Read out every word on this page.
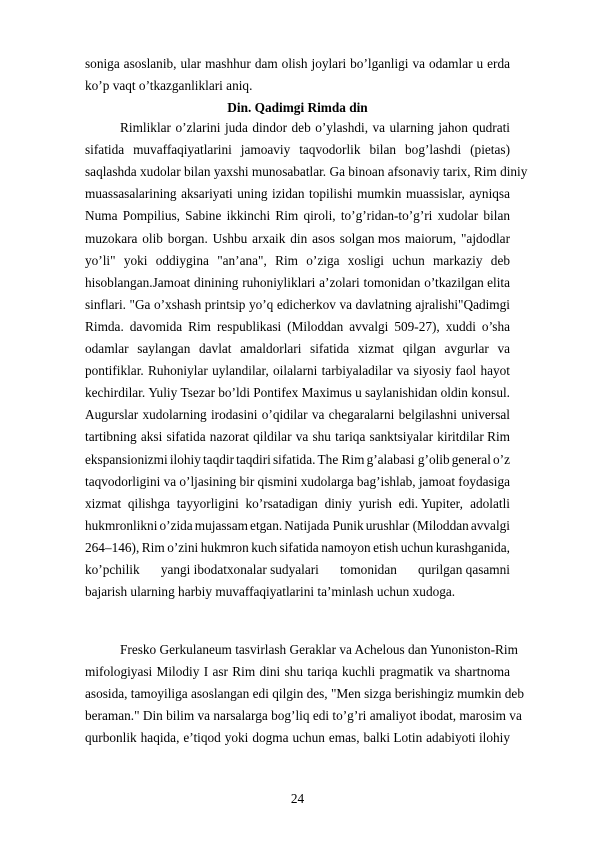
soniga asoslanib, ular mashhur dam olish joylari bo’lganligi va odamlar u erda
ko’p vaqt o’tkazganliklari aniq.
Din. Qadimgi Rimda din
Rimliklar o’zlarini juda dindor deb o’ylashdi, va ularning jahon qudrati
sifatida muvaffaqiyatlarini jamoaviy taqvodorlik bilan bog’lashdi (pietas)
saqlashda xudolar bilan yaxshi munosabatlar. Ga binoan afsonaviy tarix, Rim diniy
muassasalarining aksariyati uning izidan topilishi mumkin muassislar, ayniqsa
Numa Pompilius, Sabine ikkinchi Rim qiroli, to’g’ridan-to’g’ri xudolar bilan
muzokara olib borgan. Ushbu arxaik din asos solgan mos maiorum, "ajdodlar
yo’li" yoki oddiygina "an’ana", Rim o’ziga xosligi uchun markaziy deb
hisoblangan.Jamoat dinining ruhoniyliklari a’zolari tomonidan o’tkazilgan elita
sinflari. "Ga o’xshash printsip yo’q edicherkov va davlatning ajralishi"Qadimgi
Rimda. davomida Rim respublikasi (Miloddan avvalgi 509-27), xuddi o’sha
odamlar saylangan davlat amaldorlari sifatida xizmat qilgan avgurlar va
pontifiklar. Ruhoniylar uylandilar, oilalarni tarbiyaladilar va siyosiy faol hayot
kechirdilar. Yuliy Tsezar bo’ldi Pontifex Maximus u saylanishidan oldin konsul.
Augurslar xudolarning irodasini o’qidilar va chegaralarni belgilashni universal
tartibning aksi sifatida nazorat qildilar va shu tariqa sanktsiyalar kiritdilar Rim
ekspansionizmi ilohiy taqdir taqdiri sifatida. The Rim g’alabasi g’olib general o’z
taqvodorligini va o’ljasining bir qismini xudolarga bag’ishlab, jamoat foydasiga
xizmat qilishga tayyorligini ko’rsatadigan diniy yurish edi. Yupiter, adolatli
hukmronlikni o’zida mujassam etgan. Natijada Punik urushlar (Miloddan avvalgi
264–146), Rim o’zini hukmron kuch sifatida namoyon etish uchun kurashganida,
ko’pchilik yangi ibodatxonalar sudyalari tomonidan qurilgan qasamni
bajarish ularning harbiy muvaffaqiyatlarini ta’minlash uchun xudoga.
Fresko Gerkulaneum tasvirlash Geraklar va Achelous dan Yunoniston-Rim
mifologiyasi Milodiy I asr Rim dini shu tariqa kuchli pragmatik va shartnoma
asosida, tamoyiliga asoslangan edi qilgin des, "Men sizga berishingiz mumkin deb
beraman." Din bilim va narsalarga bog’liq edi to’g’ri amaliyot ibodat, marosim va
qurbonlik haqida, e’tiqod yoki dogma uchun emas, balki Lotin adabiyoti ilohiy
24
